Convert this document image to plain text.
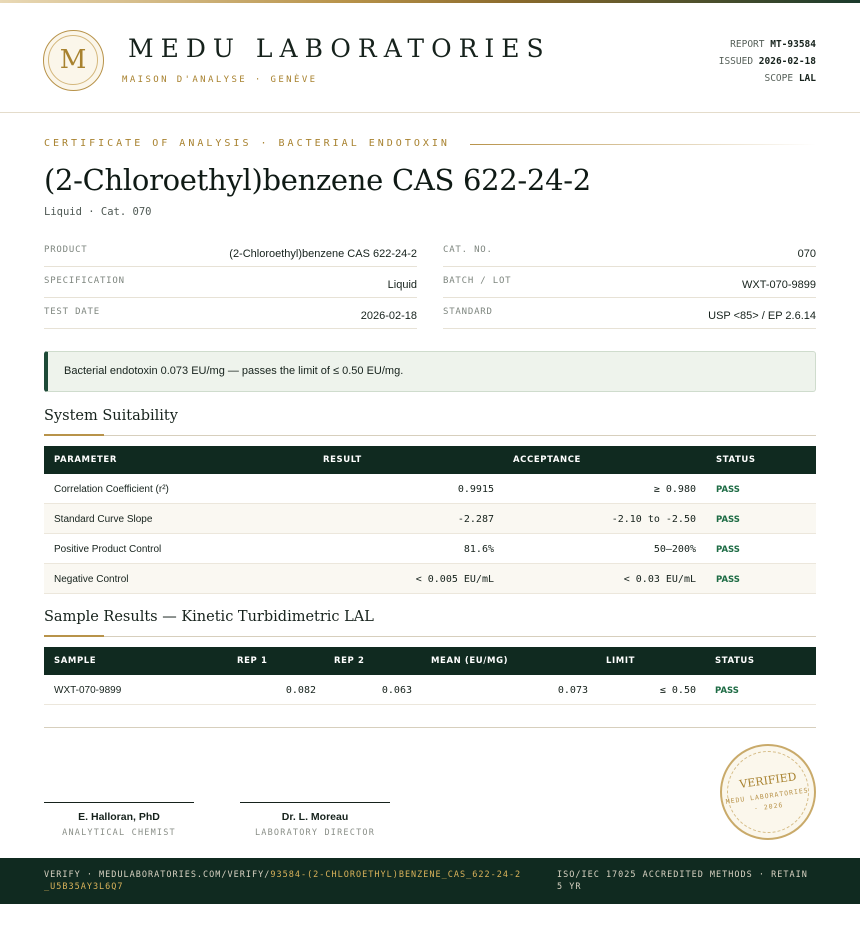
M	MEDU LABORATORIES
MAISON D'ANALYSE · GENÈVE
REPORT MT-93584
ISSUED 2026-02-18
SCOPE LAL
CERTIFICATE OF ANALYSIS · BACTERIAL ENDOTOXIN
(2-Chloroethyl)benzene CAS 622-24-2
Liquid · Cat. 070
PRODUCT	(2-Chloroethyl)benzene CAS 622-24-2
SPECIFICATION	Liquid
TEST DATE	2026-02-18
CAT. NO.	070
BATCH / LOT	WXT-070-9899
STANDARD	USP <85> / EP 2.6.14
Bacterial endotoxin 0.073 EU/mg — passes the limit of ≤ 0.50 EU/mg.
System Suitability
PARAMETER	RESULT	ACCEPTANCE	STATUS
Correlation Coefficient (r²)	0.9915	≥ 0.980 PASS
Standard Curve Slope	-2.287	-2.10 to -2.50 PASS
Positive Product Control	81.6%	50–200% PASS
Negative Control	< 0.005 EU/mL	< 0.03 EU/mL PASS
Sample Results — Kinetic Turbidimetric LAL
SAMPLE	REP 1	REP 2	MEAN (EU/MG)	LIMIT	STATUS
WXT-070-9899	0.082	0.063	0.073	≤ 0.50 PASS
E. Halloran, PhD
ANALYTICAL CHEMIST
Dr. L. Moreau
LABORATORY DIRECTOR
VERIFIED
MEDU LABORATORIES · 2026
VERIFY · MEDULABORATORIES.COM/VERIFY/93584-(2-CHLOROETHYL)BENZENE_CAS_622-24-2_U5B35AY3L6Q7
ISO/IEC 17025 ACCREDITED METHODS · RETAIN 5 YR
